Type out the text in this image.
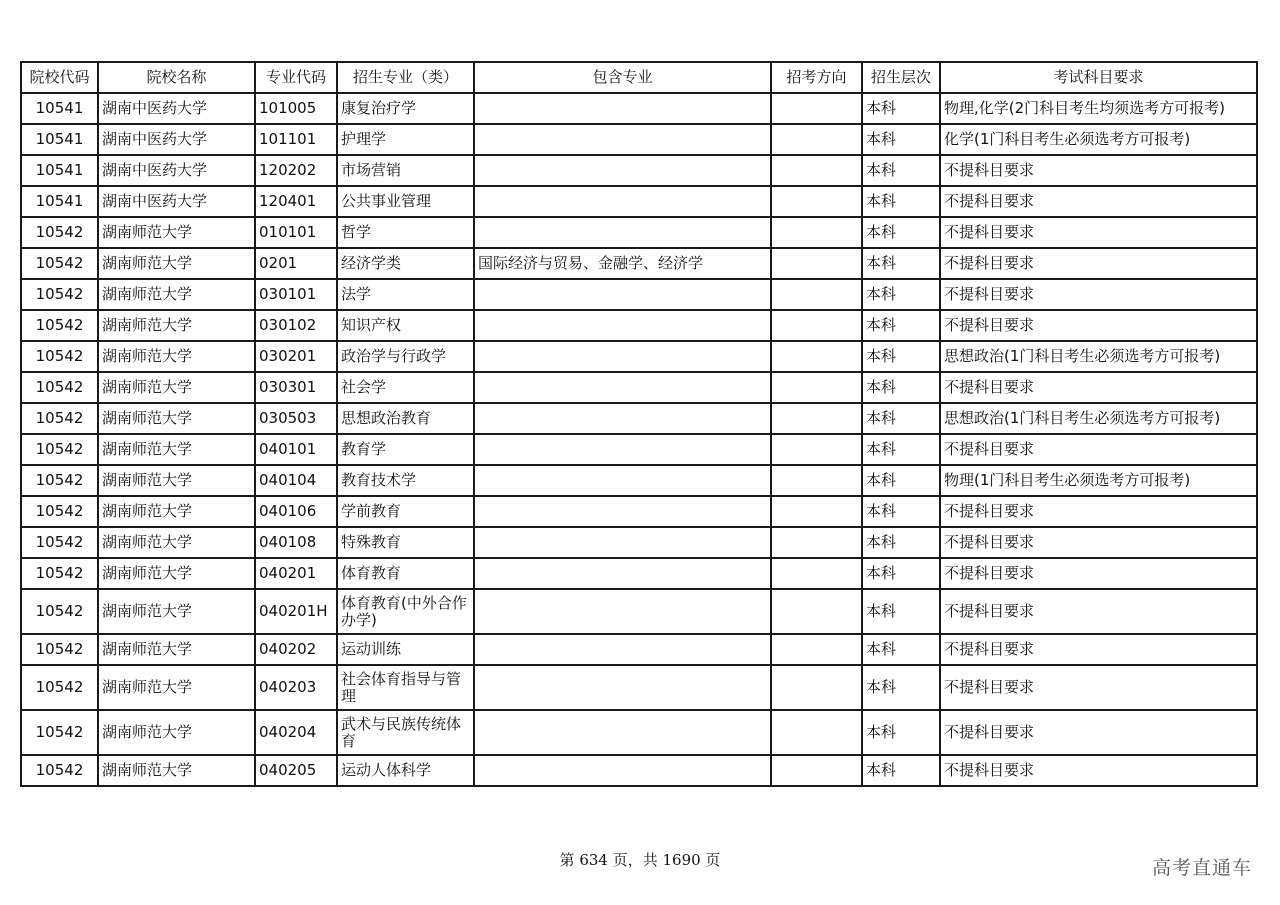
院校代码	院校名称	专业代码	招生专业（类）	包含专业	招考方向	招生层次	考试科目要求
10541	湖南中医药大学	101005	康复治疗学			本科	物理,化学(2门科目考生均须选考方可报考)
10541	湖南中医药大学	101101	护理学			本科	化学(1门科目考生必须选考方可报考)
10541	湖南中医药大学	120202	市场营销			本科	不提科目要求
10541	湖南中医药大学	120401	公共事业管理			本科	不提科目要求
10542	湖南师范大学	010101	哲学			本科	不提科目要求
10542	湖南师范大学	0201	经济学类	国际经济与贸易、金融学、经济学		本科	不提科目要求
10542	湖南师范大学	030101	法学			本科	不提科目要求
10542	湖南师范大学	030102	知识产权			本科	不提科目要求
10542	湖南师范大学	030201	政治学与行政学			本科	思想政治(1门科目考生必须选考方可报考)
10542	湖南师范大学	030301	社会学			本科	不提科目要求
10542	湖南师范大学	030503	思想政治教育			本科	思想政治(1门科目考生必须选考方可报考)
10542	湖南师范大学	040101	教育学			本科	不提科目要求
10542	湖南师范大学	040104	教育技术学			本科	物理(1门科目考生必须选考方可报考)
10542	湖南师范大学	040106	学前教育			本科	不提科目要求
10542	湖南师范大学	040108	特殊教育			本科	不提科目要求
10542	湖南师范大学	040201	体育教育			本科	不提科目要求
10542	湖南师范大学	040201H	体育教育(中外合作办学)			本科	不提科目要求
10542	湖南师范大学	040202	运动训练			本科	不提科目要求
10542	湖南师范大学	040203	社会体育指导与管理			本科	不提科目要求
10542	湖南师范大学	040204	武术与民族传统体育			本科	不提科目要求
10542	湖南师范大学	040205	运动人体科学			本科	不提科目要求
第 634 页，共 1690 页	高考直通车
